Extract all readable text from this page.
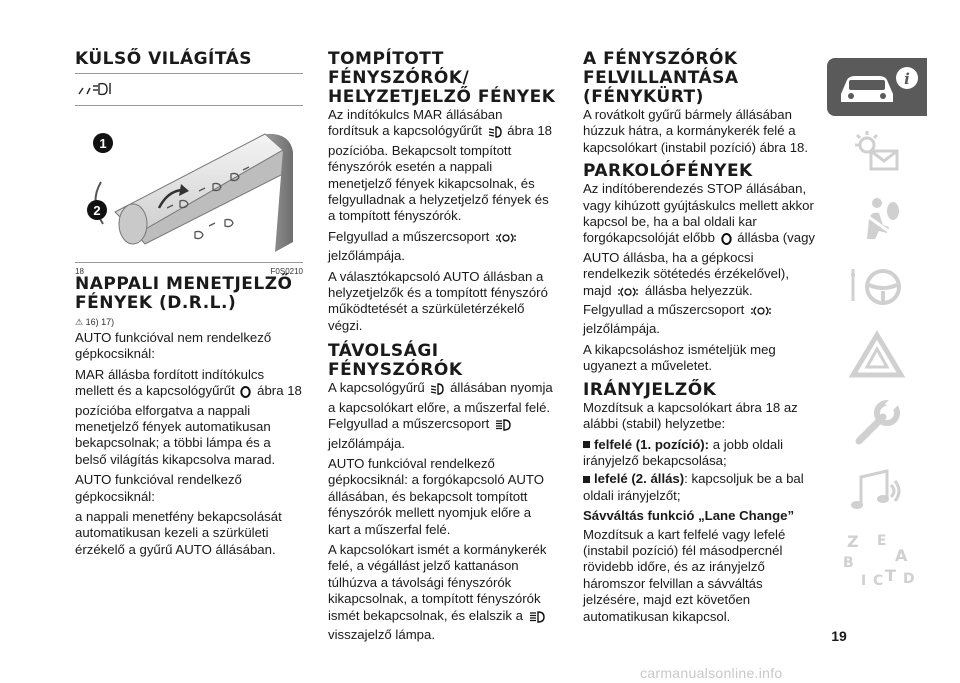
KÜLSŐ VILÁGÍTÁS
1
2
18	F0S0210
NAPPALI MENETJELZŐ FÉNYEK (D.R.L.)
⚠ 16) 17)

AUTO funkcióval nem rendelkező gépkocsiknál:

MAR állásba fordított indítókulcs mellett és a kapcsológyűrűt  ábra 18 pozícióba elforgatva a nappali menetjelző fények automatikusan bekapcsolnak; a többi lámpa és a belső világítás kikapcsolva marad.

AUTO funkcióval rendelkező gépkocsiknál:

a nappali menetfény bekapcsolását automatikusan kezeli a szürkületi érzékelő a gyűrű AUTO állásában.

TOMPÍTOTT FÉNYSZÓRÓK/ HELYZETJELZŐ FÉNYEK

Az indítókulcs MAR állásában fordítsuk a kapcsológyűrűt  ábra 18 pozícióba. Bekapcsolt tompított fényszórók esetén a nappali menetjelző fények kikapcsolnak, és felgyulladnak a helyzetjelző fények és a tompított fényszórók.

Felgyullad a műszercsoport  jelzőlámpája.

A választókapcsoló AUTO állásban a helyzetjelzők és a tompított fényszóró működtetését a szürkületérzékelő végzi.

TÁVOLSÁGI FÉNYSZÓRÓK

A kapcsológyűrű  állásában nyomja a kapcsolókart előre, a műszerfal felé. Felgyullad a műszercsoport  jelzőlámpája.

AUTO funkcióval rendelkező gépkocsiknál: a forgókapcsoló AUTO állásában, és bekapcsolt tompított fényszórók mellett nyomjuk előre a kart a műszerfal felé.

A kapcsolókart ismét a kormánykerék felé, a végállást jelző kattanáson túlhúzva a távolsági fényszórók kikapcsolnak, a tompított fényszórók ismét bekapcsolnak, és elalszik a  visszajelző lámpa.

A FÉNYSZÓRÓK FELVILLANTÁSA (FÉNYKÜRT)

A rovátkolt gyűrű bármely állásában húzzuk hátra, a kormánykerék felé a kapcsolókart (instabil pozíció) ábra 18.

PARKOLÓFÉNYEK

Az indítóberendezés STOP állásában, vagy kihúzott gyújtáskulcs mellett akkor kapcsol be, ha a bal oldali kar forgókapcsolóját előbb  állásba (vagy AUTO állásba, ha a gépkocsi rendelkezik sötétedés érzékelővel), majd  állásba helyezzük. Felgyullad a műszercsoport  jelzőlámpája.

A kikapcsoláshoz ismételjük meg ugyanezt a műveletet.

IRÁNYJELZŐK

Mozdítsuk a kapcsolókart ábra 18 az alábbi (stabil) helyzetbe:

felfelé (1. pozíció): a jobb oldali irányjelző bekapcsolása;
lefelé (2. állás): kapcsoljuk be a bal oldali irányjelzőt;
Sávváltás funkció „Lane Change”

Mozdítsuk a kart felfelé vagy lefelé (instabil pozíció) fél másodpercnél rövidebb időre, és az irányjelző háromszor felvillan a sávváltás jelzésére, majd ezt követően automatikusan kikapcsol.

i
Z E
B	A
I C T D
19
carmanualsonline.info
